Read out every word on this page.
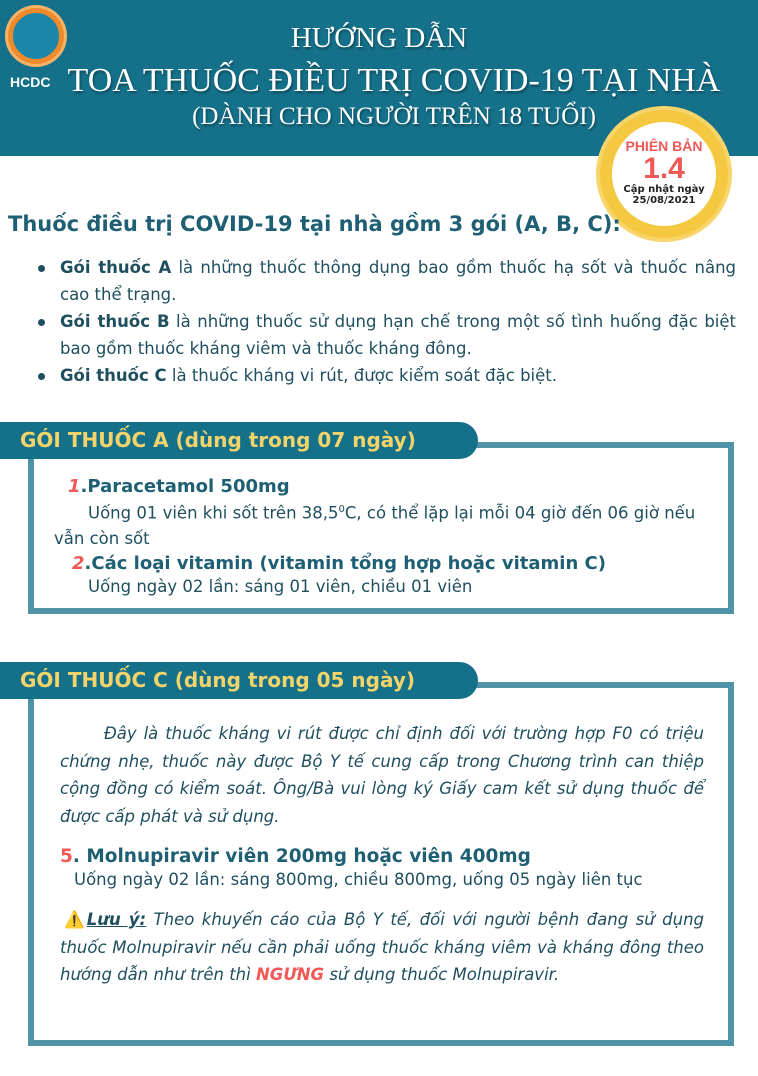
HCDC
HƯỚNG DẪN
TOA THUỐC ĐIỀU TRỊ COVID-19 TẠI NHÀ
(DÀNH CHO NGƯỜI TRÊN 18 TUỔI)
PHIÊN BẢN
1.4
Cập nhật ngày
25/08/2021
Thuốc điều trị COVID-19 tại nhà gồm 3 gói (A, B, C):
Gói thuốc A là những thuốc thông dụng bao gồm thuốc hạ sốt và thuốc nâng cao thể trạng.
Gói thuốc B là những thuốc sử dụng hạn chế trong một số tình huống đặc biệt bao gồm thuốc kháng viêm và thuốc kháng đông.
Gói thuốc C là thuốc kháng vi rút, được kiểm soát đặc biệt.
1.Paracetamol 500mg
Uống 01 viên khi sốt trên 38,5$^0$C, có thể lặp lại mỗi 04 giờ đến 06 giờ nếu vẫn còn sốt
2.Các loại vitamin (vitamin tổng hợp hoặc vitamin C)
Uống ngày 02 lần: sáng 01 viên, chiều 01 viên
GÓI THUỐC A (dùng trong 07 ngày)
Đây là thuốc kháng vi rút được chỉ định đối với trường hợp F0 có triệu chứng nhẹ, thuốc này được Bộ Y tế cung cấp trong Chương trình can thiệp cộng đồng có kiểm soát. Ông/Bà vui lòng ký Giấy cam kết sử dụng thuốc để được cấp phát và sử dụng.
5. Molnupiravir viên 200mg hoặc viên 400mg
Uống ngày 02 lần: sáng 800mg, chiều 800mg, uống 05 ngày liên tục
⚠️Lưu ý: Theo khuyến cáo của Bộ Y tế, đối với người bệnh đang sử dụng thuốc Molnupiravir nếu cần phải uống thuốc kháng viêm và kháng đông theo hướng dẫn như trên thì NGƯNG sử dụng thuốc Molnupiravir.
GÓI THUỐC C (dùng trong 05 ngày)
